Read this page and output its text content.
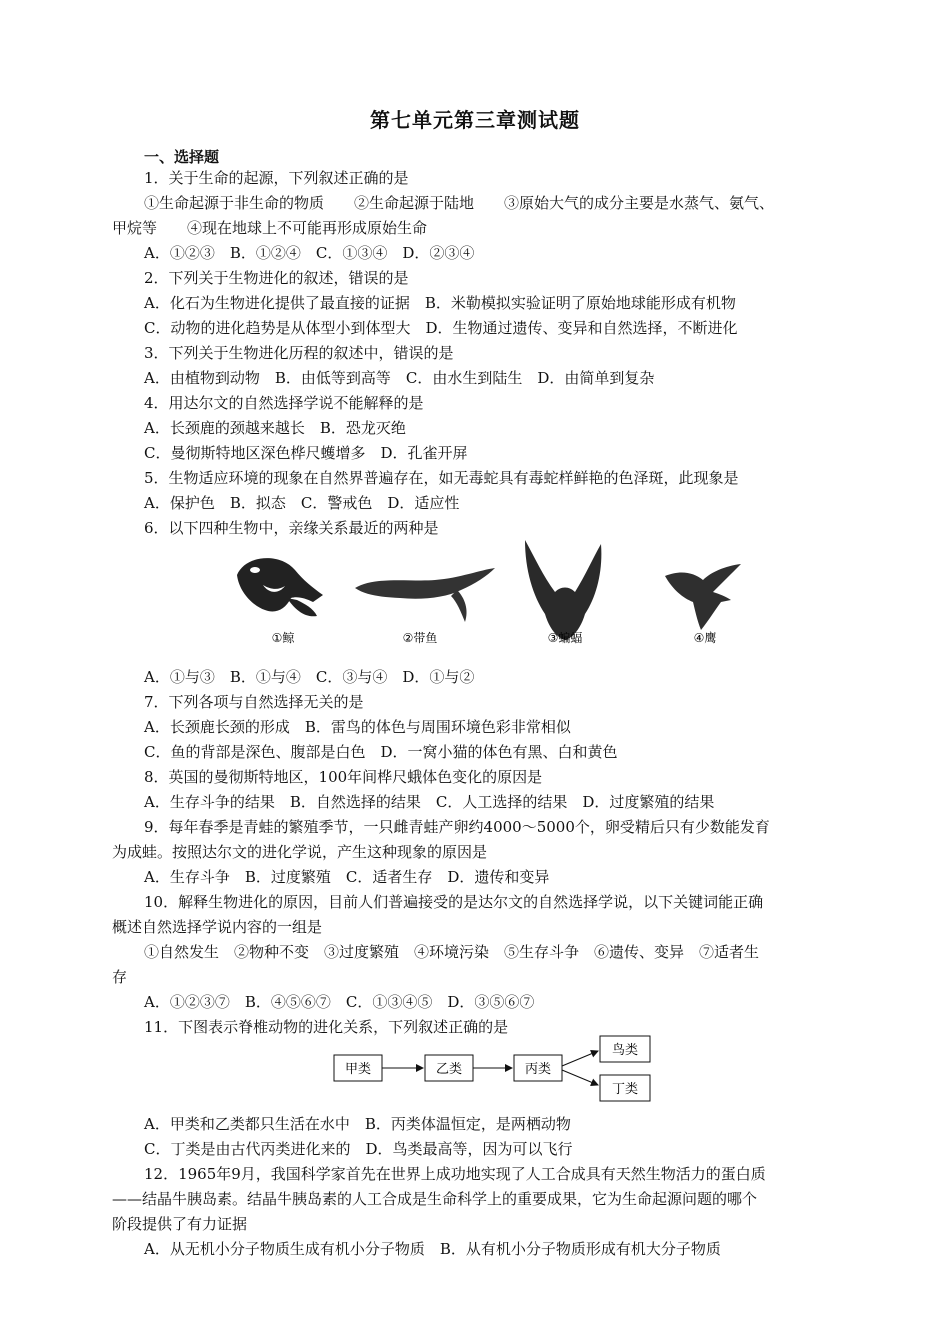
第七单元第三章测试题
一、选择题
1．关于生命的起源，下列叙述正确的是
①生命起源于非生命的物质　　②生命起源于陆地　　③原始大气的成分主要是水蒸气、氨气、
甲烷等　　④现在地球上不可能再形成原始生命
A．①②③　B．①②④　C．①③④　D．②③④
2．下列关于生物进化的叙述，错误的是
A．化石为生物进化提供了最直接的证据　B．米勒模拟实验证明了原始地球能形成有机物
C．动物的进化趋势是从体型小到体型大　D．生物通过遗传、变异和自然选择，不断进化
3．下列关于生物进化历程的叙述中，错误的是
A．由植物到动物　B．由低等到高等　C．由水生到陆生　D．由简单到复杂
4．用达尔文的自然选择学说不能解释的是
A．长颈鹿的颈越来越长　B．恐龙灭绝
C．曼彻斯特地区深色桦尺蠖增多　D．孔雀开屏
5．生物适应环境的现象在自然界普遍存在，如无毒蛇具有毒蛇样鲜艳的色泽斑，此现象是
A．保护色　B．拟态　C．警戒色　D．适应性
6．以下四种生物中，亲缘关系最近的两种是
①鲸	②带鱼	③蝙蝠	④鹰
A．①与③　B．①与④　C．③与④　D．①与②
7．下列各项与自然选择无关的是
A．长颈鹿长颈的形成　B．雷鸟的体色与周围环境色彩非常相似
C．鱼的背部是深色、腹部是白色　D．一窝小猫的体色有黑、白和黄色
8．英国的曼彻斯特地区，100年间桦尺蛾体色变化的原因是
A．生存斗争的结果　B．自然选择的结果　C．人工选择的结果　D．过度繁殖的结果
9．每年春季是青蛙的繁殖季节，一只雌青蛙产卵约4000～5000个，卵受精后只有少数能发育
为成蛙。按照达尔文的进化学说，产生这种现象的原因是
A．生存斗争　B．过度繁殖　C．适者生存　D．遗传和变异
10．解释生物进化的原因，目前人们普遍接受的是达尔文的自然选择学说，以下关键词能正确
概述自然选择学说内容的一组是
①自然发生　②物种不变　③过度繁殖　④环境污染　⑤生存斗争　⑥遗传、变异　⑦适者生
存
A．①②③⑦　B．④⑤⑥⑦　C．①③④⑤　D．③⑤⑥⑦
11．下图表示脊椎动物的进化关系，下列叙述正确的是
甲类	乙类	丙类
鸟类
丁类
A．甲类和乙类都只生活在水中　B．丙类体温恒定，是两栖动物
C．丁类是由古代丙类进化来的　D．鸟类最高等，因为可以飞行
12．1965年9月，我国科学家首先在世界上成功地实现了人工合成具有天然生物活力的蛋白质
——结晶牛胰岛素。结晶牛胰岛素的人工合成是生命科学上的重要成果，它为生命起源问题的哪个
阶段提供了有力证据
A．从无机小分子物质生成有机小分子物质　B．从有机小分子物质形成有机大分子物质
